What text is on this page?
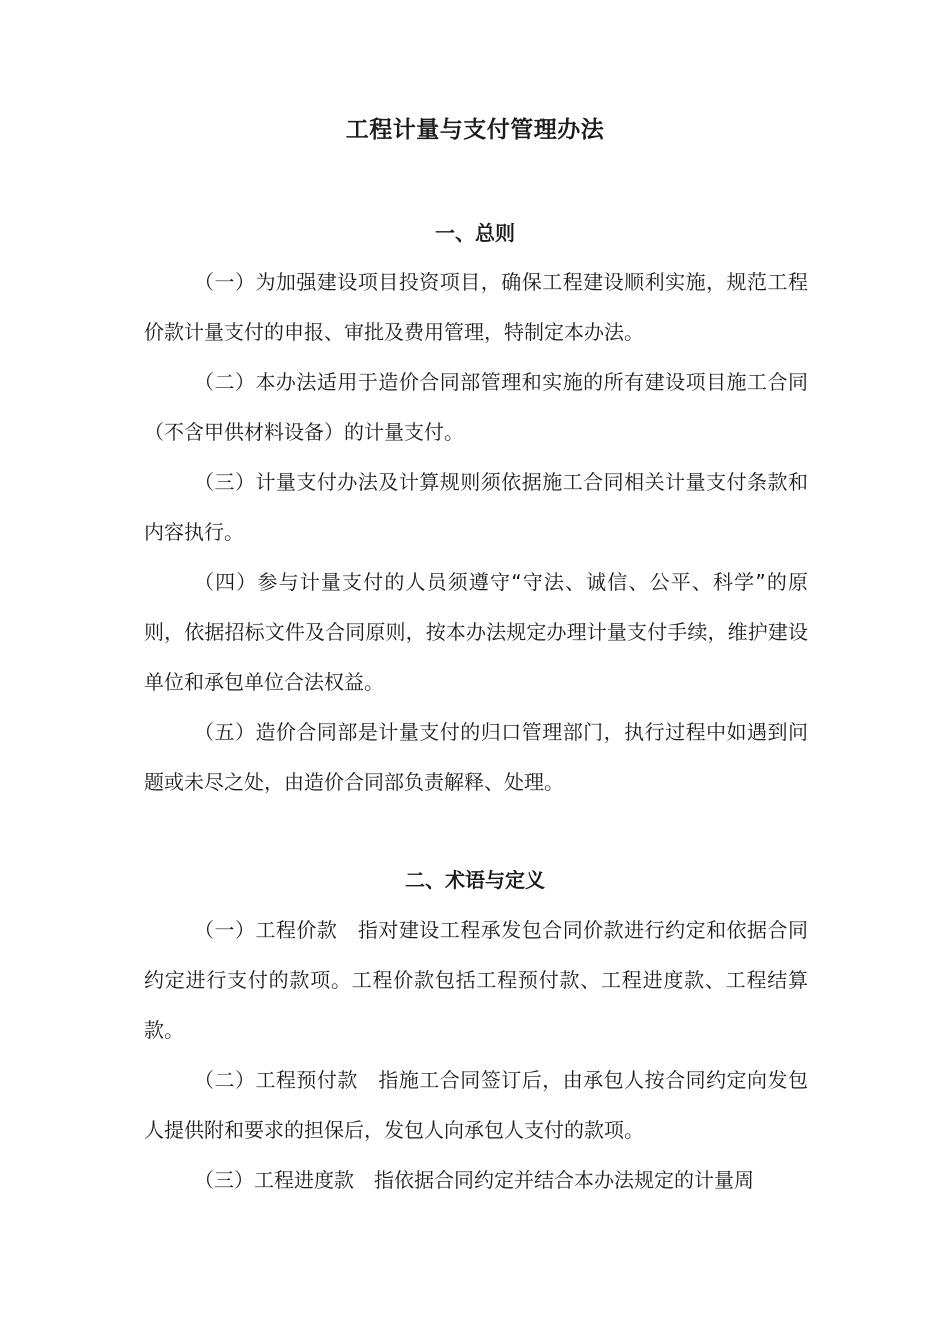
工程计量与支付管理办法
一、总则

（一）为加强建设项目投资项目，确保工程建设顺利实施，规范工程价款计量支付的申报、审批及费用管理，特制定本办法。

（二）本办法适用于造价合同部管理和实施的所有建设项目施工合同（不含甲供材料设备）的计量支付。

（三）计量支付办法及计算规则须依据施工合同相关计量支付条款和内容执行。

（四）参与计量支付的人员须遵守“守法、诚信、公平、科学”的原则，依据招标文件及合同原则，按本办法规定办理计量支付手续，维护建设单位和承包单位合法权益。

（五）造价合同部是计量支付的归口管理部门，执行过程中如遇到问题或未尽之处，由造价合同部负责解释、处理。

二、术语与定义

（一）工程价款　指对建设工程承发包合同价款进行约定和依据合同约定进行支付的款项。工程价款包括工程预付款、工程进度款、工程结算款。

（二）工程预付款　指施工合同签订后，由承包人按合同约定向发包人提供附和要求的担保后，发包人向承包人支付的款项。

（三）工程进度款　指依据合同约定并结合本办法规定的计量周
